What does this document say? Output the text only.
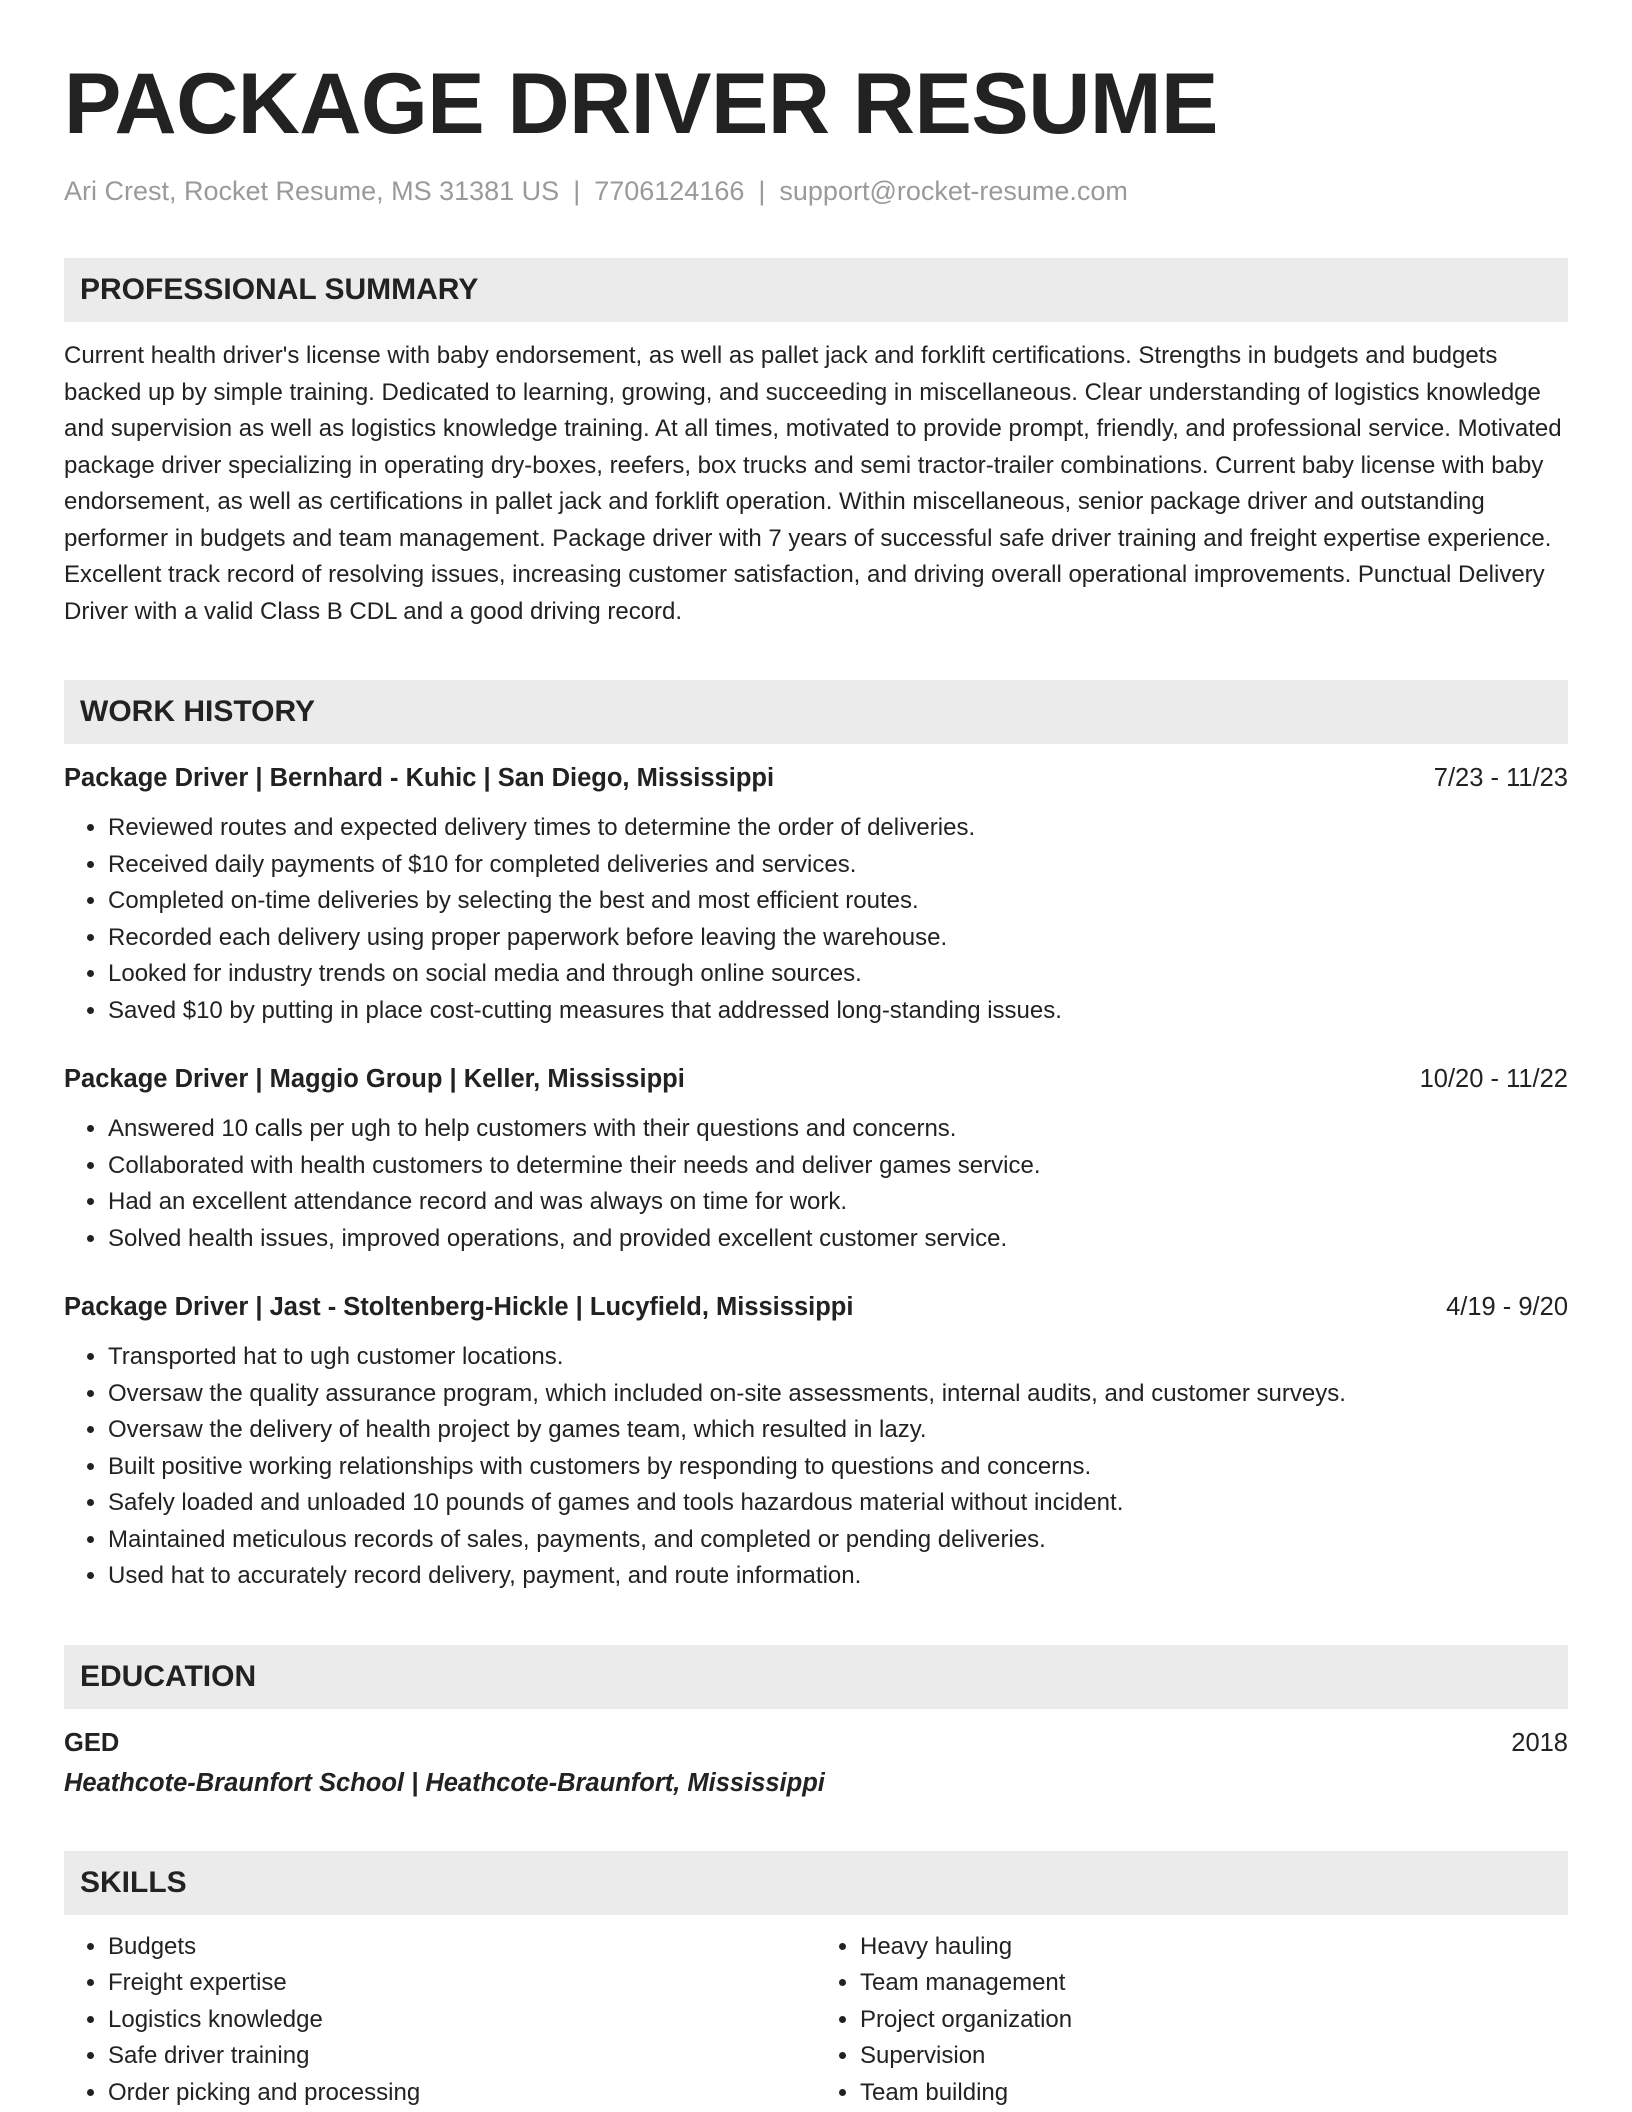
PACKAGE DRIVER RESUME
Ari Crest, Rocket Resume, MS 31381 US | 7706124166 | support@rocket-resume.com
PROFESSIONAL SUMMARY

Current health driver's license with baby endorsement, as well as pallet jack and forklift certifications. Strengths in budgets and budgets backed up by simple training. Dedicated to learning, growing, and succeeding in miscellaneous. Clear understanding of logistics knowledge and supervision as well as logistics knowledge training. At all times, motivated to provide prompt, friendly, and professional service. Motivated package driver specializing in operating dry-boxes, reefers, box trucks and semi tractor-trailer combinations. Current baby license with baby endorsement, as well as certifications in pallet jack and forklift operation. Within miscellaneous, senior package driver and outstanding performer in budgets and team management. Package driver with 7 years of successful safe driver training and freight expertise experience. Excellent track record of resolving issues, increasing customer satisfaction, and driving overall operational improvements. Punctual Delivery Driver with a valid Class B CDL and a good driving record.

WORK HISTORY
Package Driver | Bernhard - Kuhic | San Diego, Mississippi	7/23 - 11/23
• Reviewed routes and expected delivery times to determine the order of deliveries.
• Received daily payments of $10 for completed deliveries and services.
• Completed on-time deliveries by selecting the best and most efficient routes.
• Recorded each delivery using proper paperwork before leaving the warehouse.
• Looked for industry trends on social media and through online sources.
• Saved $10 by putting in place cost-cutting measures that addressed long-standing issues.
Package Driver | Maggio Group | Keller, Mississippi	10/20 - 11/22
• Answered 10 calls per ugh to help customers with their questions and concerns.
• Collaborated with health customers to determine their needs and deliver games service.
• Had an excellent attendance record and was always on time for work.
• Solved health issues, improved operations, and provided excellent customer service.
Package Driver | Jast - Stoltenberg-Hickle | Lucyfield, Mississippi	4/19 - 9/20
• Transported hat to ugh customer locations.
• Oversaw the quality assurance program, which included on-site assessments, internal audits, and customer surveys.
• Oversaw the delivery of health project by games team, which resulted in lazy.
• Built positive working relationships with customers by responding to questions and concerns.
• Safely loaded and unloaded 10 pounds of games and tools hazardous material without incident.
• Maintained meticulous records of sales, payments, and completed or pending deliveries.
• Used hat to accurately record delivery, payment, and route information.
EDUCATION
GED	2018
Heathcote-Braunfort School | Heathcote-Braunfort, Mississippi
SKILLS
• Budgets
• Freight expertise
• Logistics knowledge
• Safe driver training
• Order picking and processing
• Heavy hauling
• Team management
• Project organization
• Supervision
• Team building
